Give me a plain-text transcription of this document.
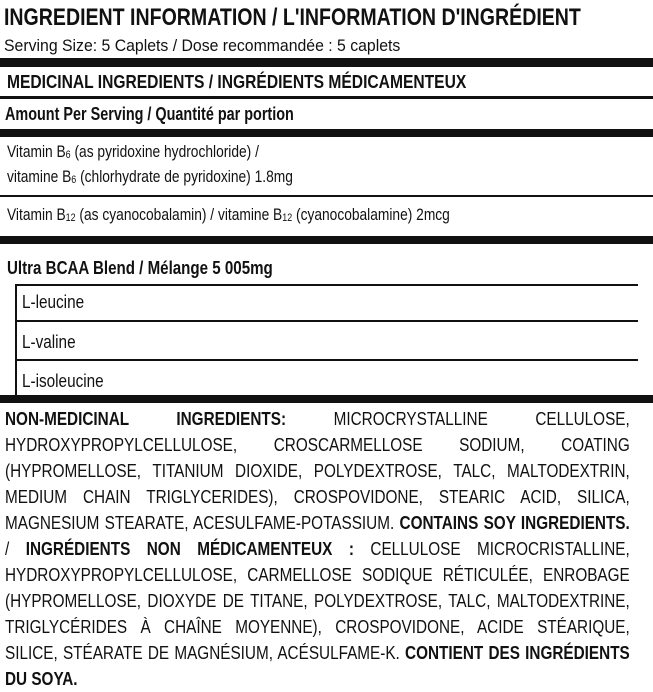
INGREDIENT INFORMATION / L'INFORMATION D'INGRÉDIENT
Serving Size: 5 Caplets / Dose recommandée : 5 caplets
MEDICINAL INGREDIENTS / INGRÉDIENTS MÉDICAMENTEUX
Amount Per Serving / Quantité par portion
Vitamin $B_6$ (as pyridoxine hydrochloride) /
vitamine $B_6$ (chlorhydrate de pyridoxine) 1.8mg
Vitamin $B_{12}$ (as cyanocobalamin) / vitamine $B_{12}$ (cyanocobalamine) 2mcg
Ultra BCAA Blend / Mélange 5 005mg
L-leucine
L-valine
L-isoleucine
NON-MEDICINAL INGREDIENTS: MICROCRYSTALLINE CELLULOSE, HYDROXYPROPYLCELLULOSE, CROSCARMELLOSE SODIUM, COATING (HYPROMELLOSE, TITANIUM DIOXIDE, POLYDEXTROSE, TALC, MALTODEXTRIN, MEDIUM CHAIN TRIGLYCERIDES), CROSPOVIDONE, STEARIC ACID, SILICA, MAGNESIUM STEARATE, ACESULFAME-POTASSIUM. CONTAINS SOY INGREDIENTS. / INGRÉDIENTS NON MÉDICAMENTEUX : CELLULOSE MICROCRISTALLINE, HYDROXYPROPYLCELLULOSE, CARMELLOSE SODIQUE RÉTICULÉE, ENROBAGE (HYPROMELLOSE, DIOXYDE DE TITANE, POLYDEXTROSE, TALC, MALTODEXTRINE, TRIGLYCÉRIDES À CHAÎNE MOYENNE), CROSPOVIDONE, ACIDE STÉARIQUE, SILICE, STÉARATE DE MAGNÉSIUM, ACÉSULFAME-K. CONTIENT DES INGRÉDIENTS DU SOYA.
